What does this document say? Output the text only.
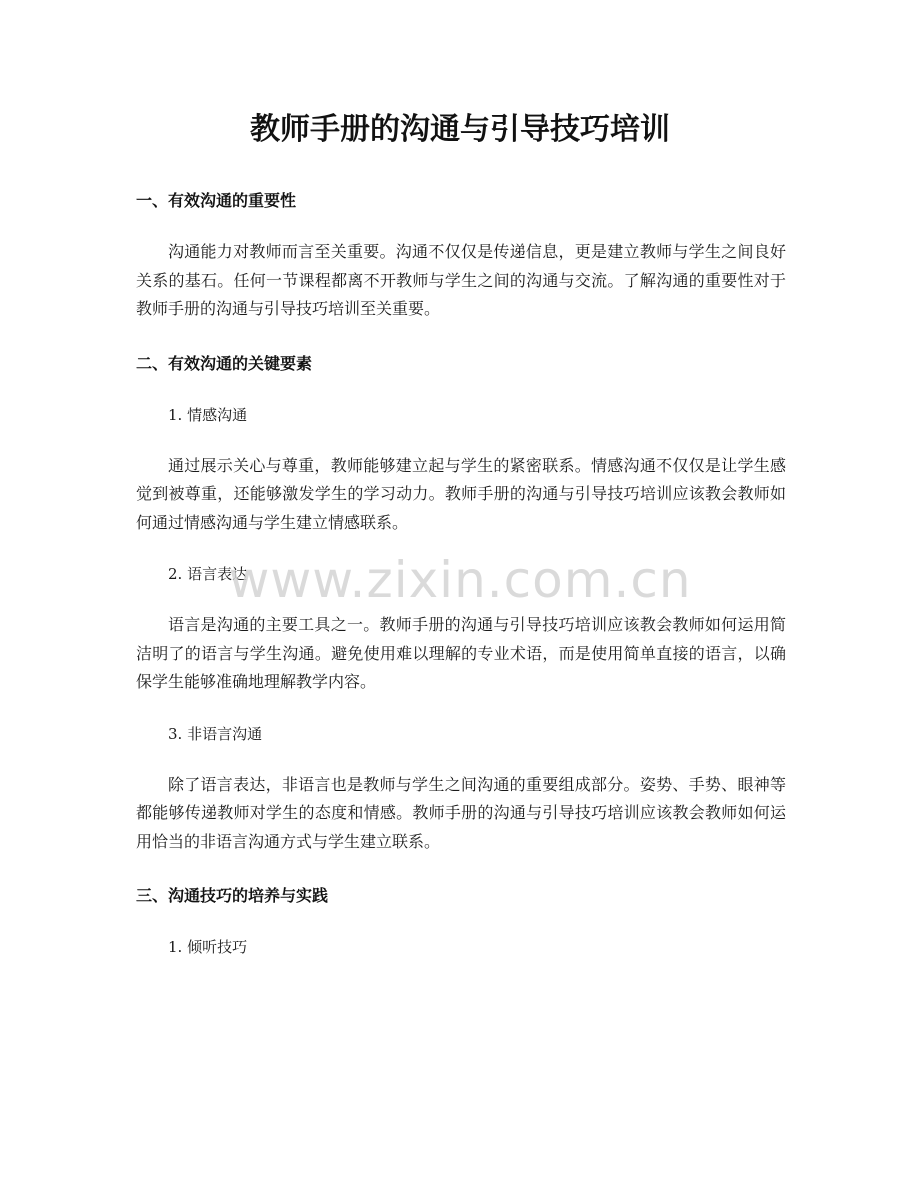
教师手册的沟通与引导技巧培训
一、有效沟通的重要性
沟通能力对教师而言至关重要。沟通不仅仅是传递信息，更是建立教师与学生之间良好关系的基石。任何一节课程都离不开教师与学生之间的沟通与交流。了解沟通的重要性对于教师手册的沟通与引导技巧培训至关重要。
二、有效沟通的关键要素
1. 情感沟通
通过展示关心与尊重，教师能够建立起与学生的紧密联系。情感沟通不仅仅是让学生感觉到被尊重，还能够激发学生的学习动力。教师手册的沟通与引导技巧培训应该教会教师如何通过情感沟通与学生建立情感联系。
2. 语言表达
语言是沟通的主要工具之一。教师手册的沟通与引导技巧培训应该教会教师如何运用简洁明了的语言与学生沟通。避免使用难以理解的专业术语，而是使用简单直接的语言，以确保学生能够准确地理解教学内容。
3. 非语言沟通
除了语言表达，非语言也是教师与学生之间沟通的重要组成部分。姿势、手势、眼神等都能够传递教师对学生的态度和情感。教师手册的沟通与引导技巧培训应该教会教师如何运用恰当的非语言沟通方式与学生建立联系。
三、沟通技巧的培养与实践
1. 倾听技巧
www.zixin.com.cn
